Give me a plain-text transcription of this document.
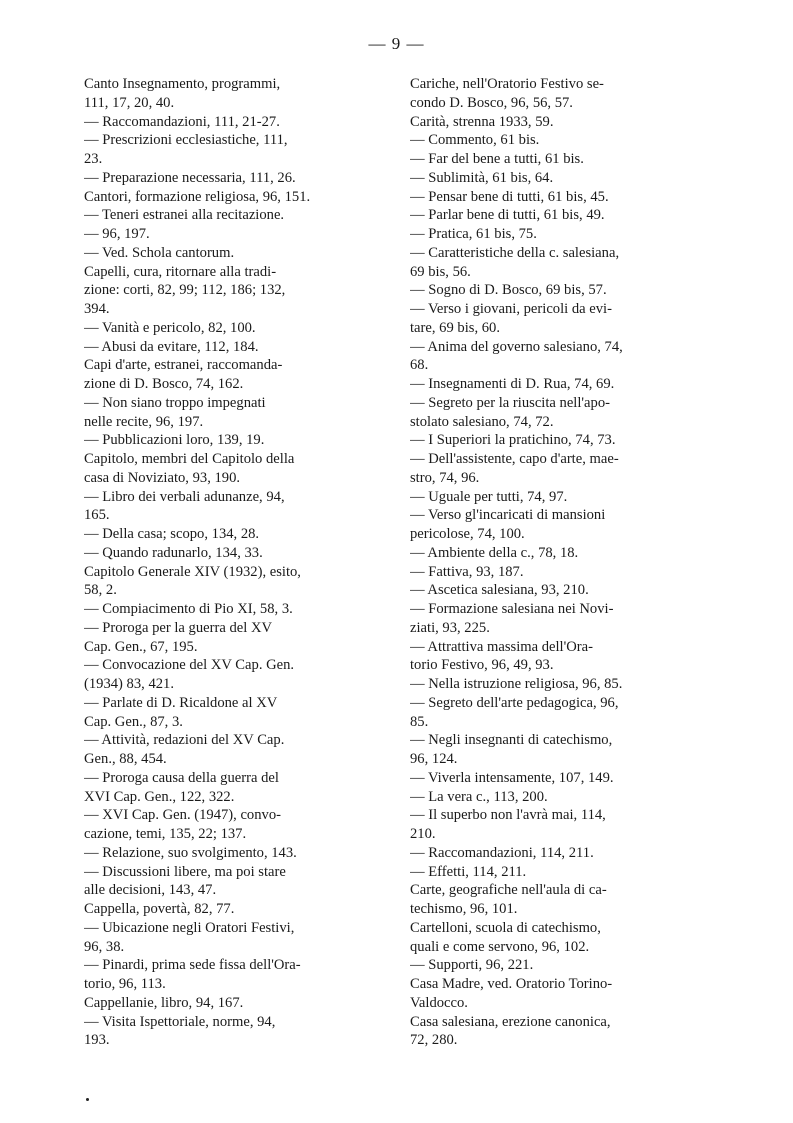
— 9 —
Canto Insegnamento, programmi,
111, 17, 20, 40.
— Raccomandazioni, 111, 21-27.
— Prescrizioni ecclesiastiche, 111,
23.
— Preparazione necessaria, 111, 26.
Cantori, formazione religiosa, 96, 151.
— Teneri estranei alla recitazione.
— 96, 197.
— Ved. Schola cantorum.
Capelli, cura, ritornare alla tradi-
zione: corti, 82, 99; 112, 186; 132,
394.
— Vanità e pericolo, 82, 100.
— Abusi da evitare, 112, 184.
Capi d'arte, estranei, raccomanda-
zione di D. Bosco, 74, 162.
— Non siano troppo impegnati
nelle recite, 96, 197.
— Pubblicazioni loro, 139, 19.
Capitolo, membri del Capitolo della
casa di Noviziato, 93, 190.
— Libro dei verbali adunanze, 94,
165.
— Della casa; scopo, 134, 28.
— Quando radunarlo, 134, 33.
Capitolo Generale XIV (1932), esito,
58, 2.
— Compiacimento di Pio XI, 58, 3.
— Proroga per la guerra del XV
Cap. Gen., 67, 195.
— Convocazione del XV Cap. Gen.
(1934) 83, 421.
— Parlate di D. Ricaldone al XV
Cap. Gen., 87, 3.
— Attività, redazioni del XV Cap.
Gen., 88, 454.
— Proroga causa della guerra del
XVI Cap. Gen., 122, 322.
— XVI Cap. Gen. (1947), convo-
cazione, temi, 135, 22; 137.
— Relazione, suo svolgimento, 143.
— Discussioni libere, ma poi stare
alle decisioni, 143, 47.
Cappella, povertà, 82, 77.
— Ubicazione negli Oratori Festivi,
96, 38.
— Pinardi, prima sede fissa dell'Ora-
torio, 96, 113.
Cappellanie, libro, 94, 167.
— Visita Ispettoriale, norme, 94,
193.
Cariche, nell'Oratorio Festivo se-
condo D. Bosco, 96, 56, 57.
Carità, strenna 1933, 59.
— Commento, 61 bis.
— Far del bene a tutti, 61 bis.
— Sublimità, 61 bis, 64.
— Pensar bene di tutti, 61 bis, 45.
— Parlar bene di tutti, 61 bis, 49.
— Pratica, 61 bis, 75.
— Caratteristiche della c. salesiana,
69 bis, 56.
— Sogno di D. Bosco, 69 bis, 57.
— Verso i giovani, pericoli da evi-
tare, 69 bis, 60.
— Anima del governo salesiano, 74,
68.
— Insegnamenti di D. Rua, 74, 69.
— Segreto per la riuscita nell'apo-
stolato salesiano, 74, 72.
— I Superiori la pratichino, 74, 73.
— Dell'assistente, capo d'arte, mae-
stro, 74, 96.
— Uguale per tutti, 74, 97.
— Verso gl'incaricati di mansioni
pericolose, 74, 100.
— Ambiente della c., 78, 18.
— Fattiva, 93, 187.
— Ascetica salesiana, 93, 210.
— Formazione salesiana nei Novi-
ziati, 93, 225.
— Attrattiva massima dell'Ora-
torio Festivo, 96, 49, 93.
— Nella istruzione religiosa, 96, 85.
— Segreto dell'arte pedagogica, 96,
85.
— Negli insegnanti di catechismo,
96, 124.
— Viverla intensamente, 107, 149.
— La vera c., 113, 200.
— Il superbo non l'avrà mai, 114,
210.
— Raccomandazioni, 114, 211.
— Effetti, 114, 211.
Carte, geografiche nell'aula di ca-
techismo, 96, 101.
Cartelloni, scuola di catechismo,
quali e come servono, 96, 102.
— Supporti, 96, 221.
Casa Madre, ved. Oratorio Torino-
Valdocco.
Casa salesiana, erezione canonica,
72, 280.
